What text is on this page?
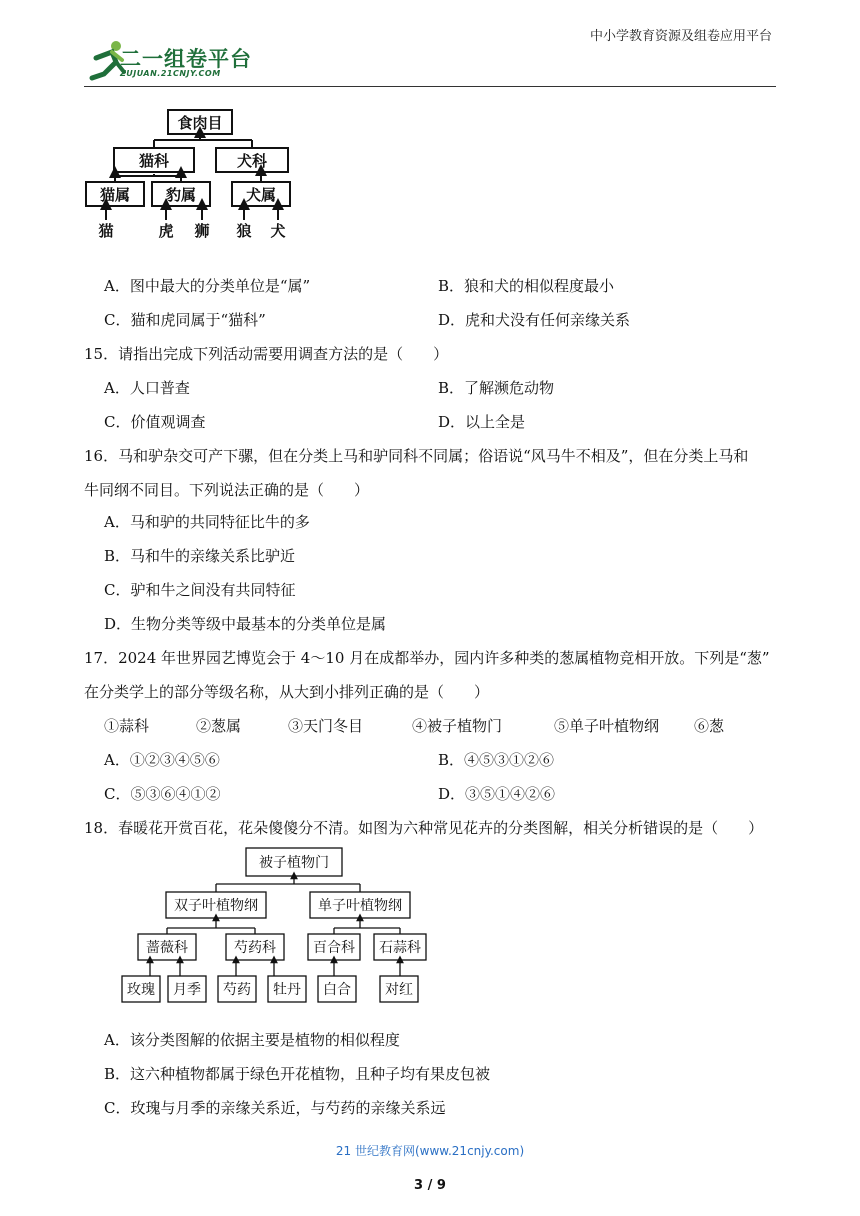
中小学教育资源及组卷应用平台
二一组卷平台
ZUJUAN.21CNJY.COM
食肉目
猫科	犬科
猫属 豹属	犬属
猫	虎 狮 狼 犬
A．图中最大的分类单位是“属”	B．狼和犬的相似程度最小
C．猫和虎同属于“猫科”	D．虎和犬没有任何亲缘关系
15．请指出完成下列活动需要用调查方法的是（　　）
A．人口普查	B．了解濒危动物
C．价值观调查	D．以上全是
16．马和驴杂交可产下骡，但在分类上马和驴同科不同属；俗语说“风马牛不相及”，但在分类上马和
牛同纲不同目。下列说法正确的是（　　）
A．马和驴的共同特征比牛的多
B．马和牛的亲缘关系比驴近
C．驴和牛之间没有共同特征
D．生物分类等级中最基本的分类单位是属
17．2024 年世界园艺博览会于 4～10 月在成都举办，园内许多种类的葱属植物竞相开放。下列是“葱”
在分类学上的部分等级名称，从大到小排列正确的是（　　）
①蒜科	②葱属	③天门冬目	④被子植物门	⑤单子叶植物纲 ⑥葱
A．①②③④⑤⑥	B．④⑤③①②⑥
C．⑤③⑥④①②	D．③⑤①④②⑥
18．春暖花开赏百花，花朵傻傻分不清。如图为六种常见花卉的分类图解，相关分析错误的是（　　）
被子植物门
双子叶植物纲	单子叶植物纲
蔷薇科	芍药科	百合科 石蒜科
玫瑰 月季 芍药 牡丹 白合 对红
A．该分类图解的依据主要是植物的相似程度
B．这六种植物都属于绿色开花植物，且种子均有果皮包被
C．玫瑰与月季的亲缘关系近，与芍药的亲缘关系远
21 世纪教育网(www.21cnjy.com)
3 / 9
